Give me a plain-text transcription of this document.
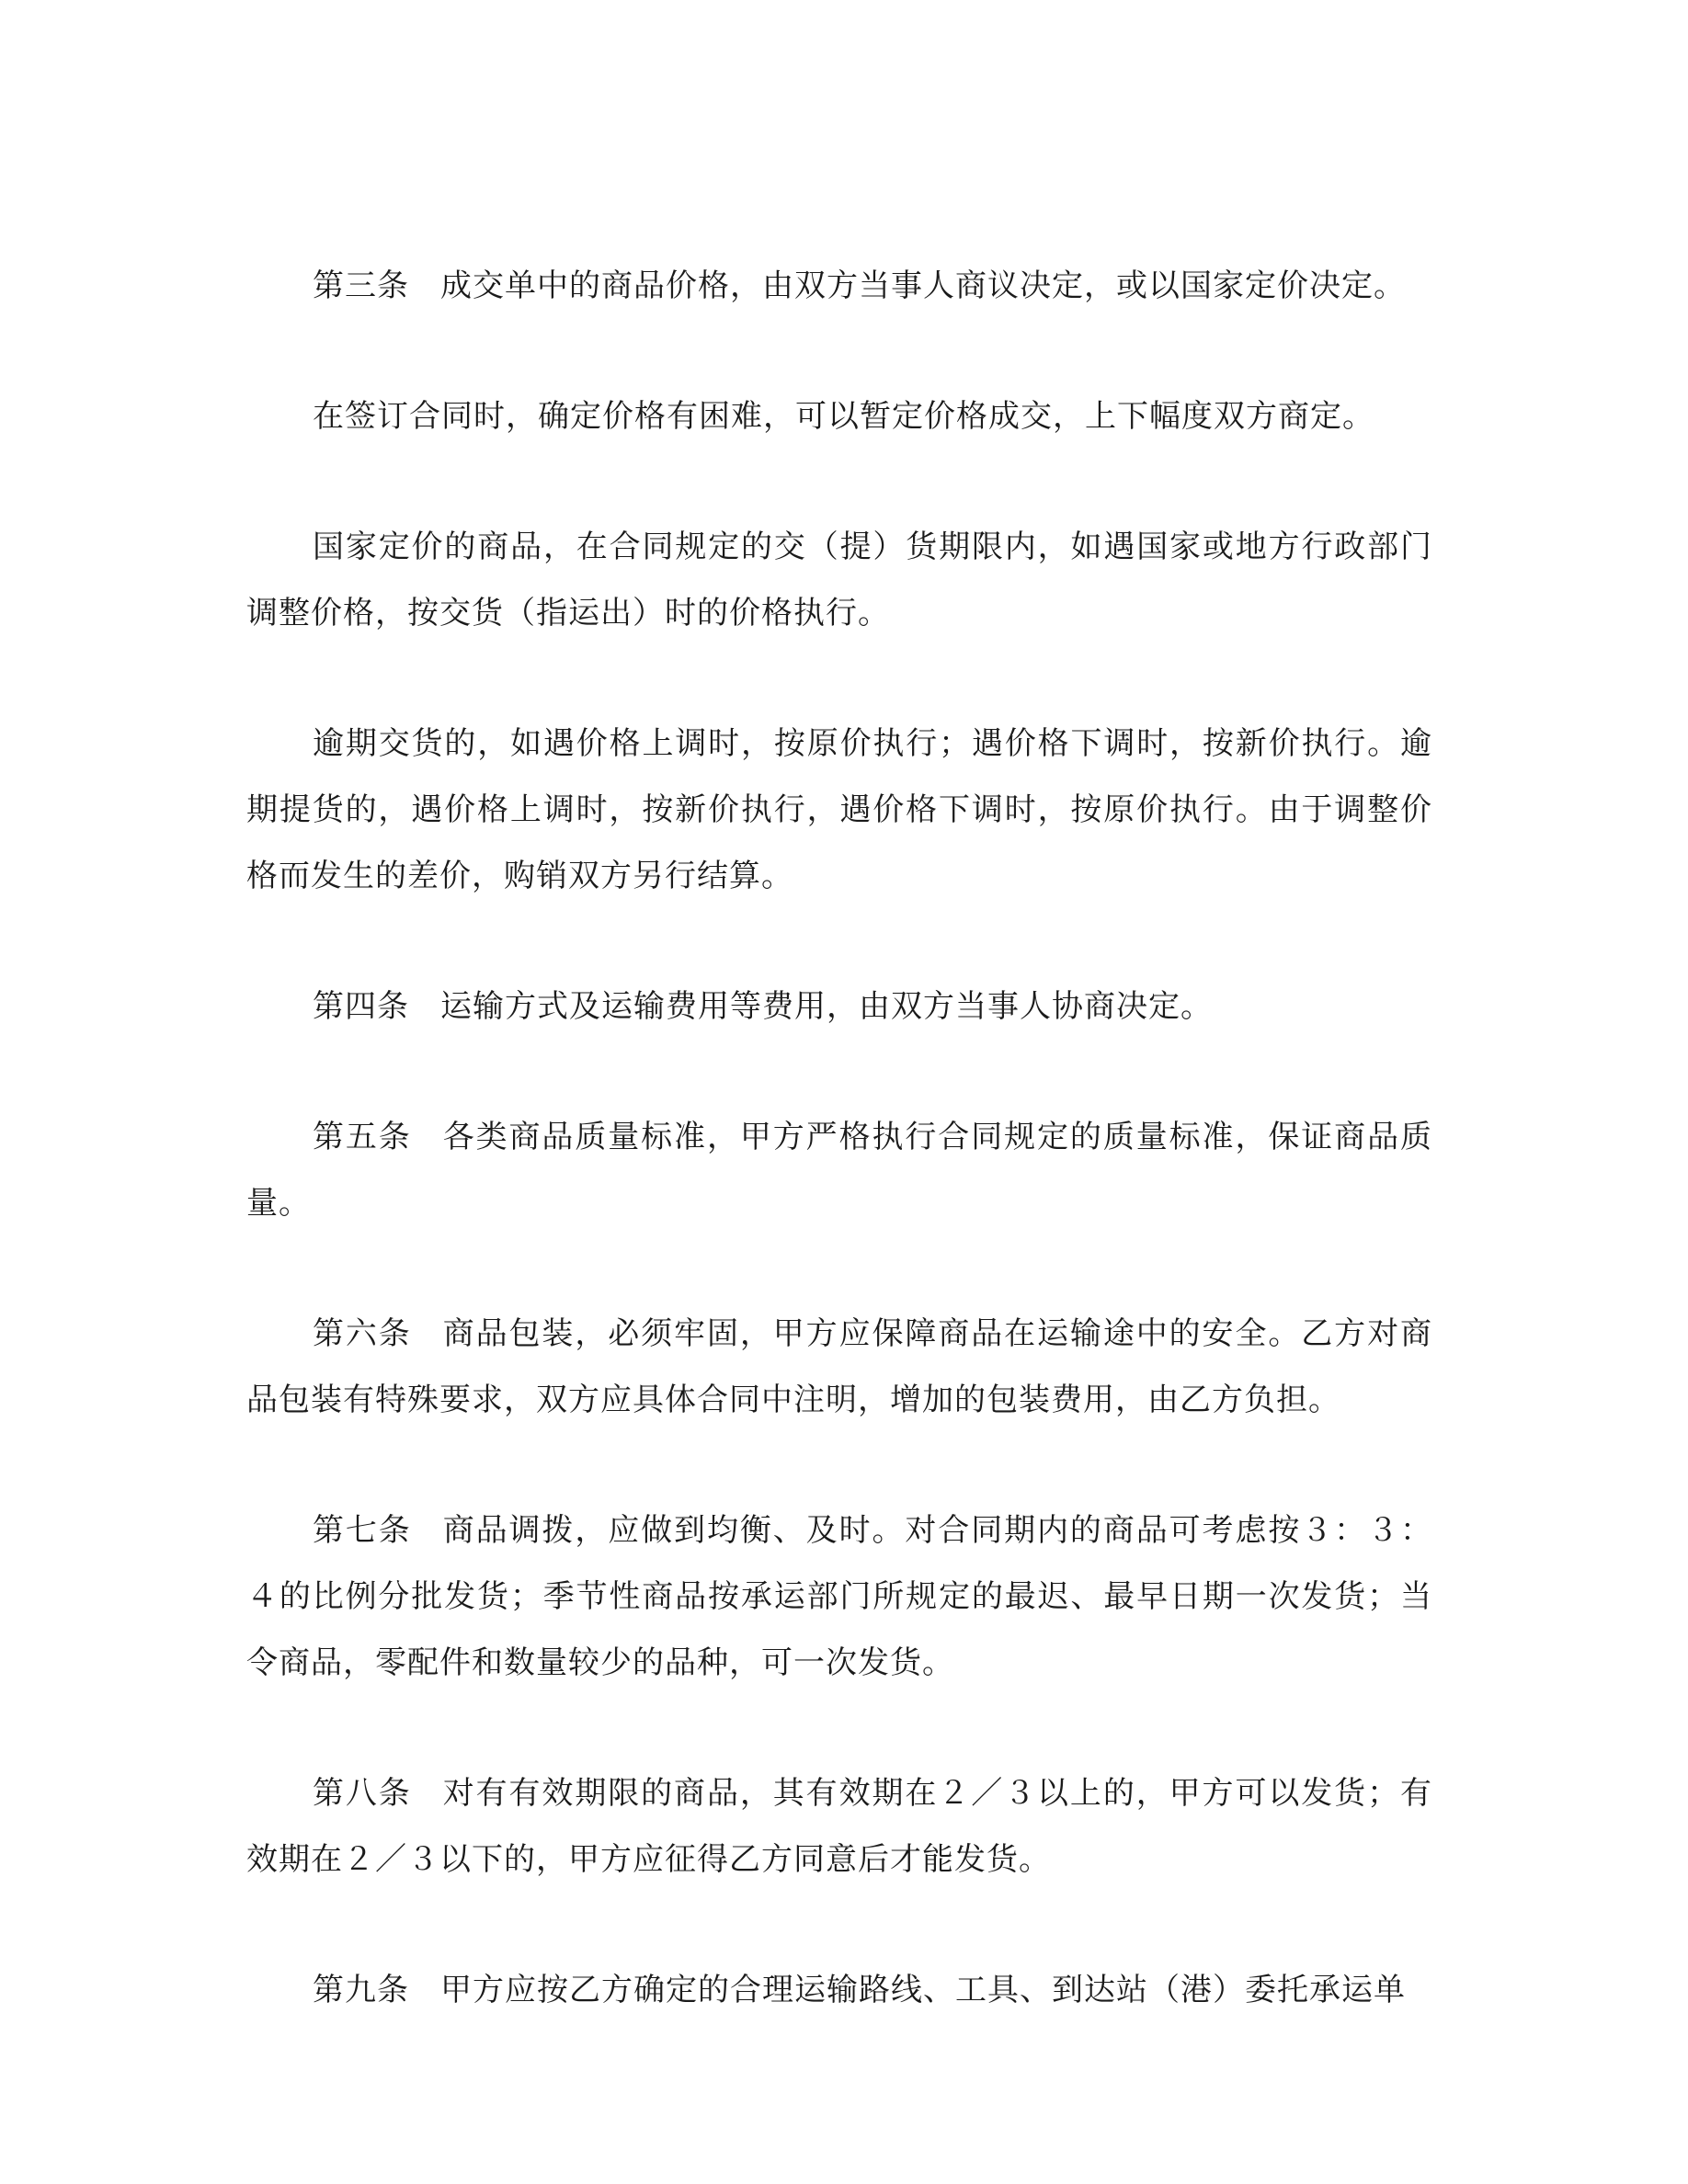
第三条 成交单中的商品价格，由双方当事人商议决定，或以国家定价决定。

在签订合同时，确定价格有困难，可以暂定价格成交，上下幅度双方商定。

国家定价的商品，在合同规定的交（提）货期限内，如遇国家或地方行政部门调整价格，按交货（指运出）时的价格执行。

逾期交货的，如遇价格上调时，按原价执行；遇价格下调时，按新价执行。逾期提货的，遇价格上调时，按新价执行，遇价格下调时，按原价执行。由于调整价格而发生的差价，购销双方另行结算。

第四条 运输方式及运输费用等费用，由双方当事人协商决定。

第五条 各类商品质量标准，甲方严格执行合同规定的质量标准，保证商品质量。

第六条 商品包装，必须牢固，甲方应保障商品在运输途中的安全。乙方对商品包装有特殊要求，双方应具体合同中注明，增加的包装费用，由乙方负担。

第七条 商品调拨，应做到均衡、及时。对合同期内的商品可考虑按３：３：４的比例分批发货；季节性商品按承运部门所规定的最迟、最早日期一次发货；当令商品，零配件和数量较少的品种，可一次发货。

第八条 对有有效期限的商品，其有效期在２／３以上的，甲方可以发货；有效期在２／３以下的，甲方应征得乙方同意后才能发货。

第九条 甲方应按乙方确定的合理运输路线、工具、到达站（港）委托承运单
